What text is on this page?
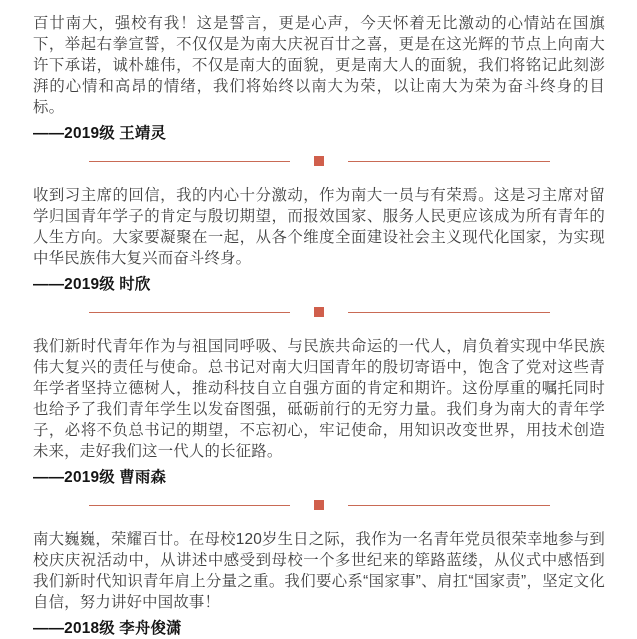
百廿南大，强校有我！这是誓言，更是心声，今天怀着无比激动的心情站在国旗下，举起右拳宣誓，不仅仅是为南大庆祝百廿之喜，更是在这光辉的节点上向南大许下承诺，诚朴雄伟，不仅是南大的面貌，更是南大人的面貌，我们将铭记此刻澎湃的心情和高昂的情绪，我们将始终以南大为荣，以让南大为荣为奋斗终身的目标。

——2019级 王靖灵

收到习主席的回信，我的内心十分激动，作为南大一员与有荣焉。这是习主席对留学归国青年学子的肯定与殷切期望，而报效国家、服务人民更应该成为所有青年的人生方向。大家要凝聚在一起，从各个维度全面建设社会主义现代化国家，为实现中华民族伟大复兴而奋斗终身。

——2019级 时欣

我们新时代青年作为与祖国同呼吸、与民族共命运的一代人，肩负着实现中华民族伟大复兴的责任与使命。总书记对南大归国青年的殷切寄语中，饱含了党对这些青年学者坚持立德树人，推动科技自立自强方面的肯定和期许。这份厚重的嘱托同时也给予了我们青年学生以发奋图强，砥砺前行的无穷力量。我们身为南大的青年学子，必将不负总书记的期望，不忘初心，牢记使命，用知识改变世界，用技术创造未来，走好我们这一代人的长征路。

——2019级 曹雨森

南大巍巍，荣耀百廿。在母校120岁生日之际，我作为一名青年党员很荣幸地参与到校庆庆祝活动中，从讲述中感受到母校一个多世纪来的筚路蓝缕，从仪式中感悟到我们新时代知识青年肩上分量之重。我们要心系“国家事”、肩扛“国家责”，坚定文化自信，努力讲好中国故事！

——2018级 李舟俊潇
